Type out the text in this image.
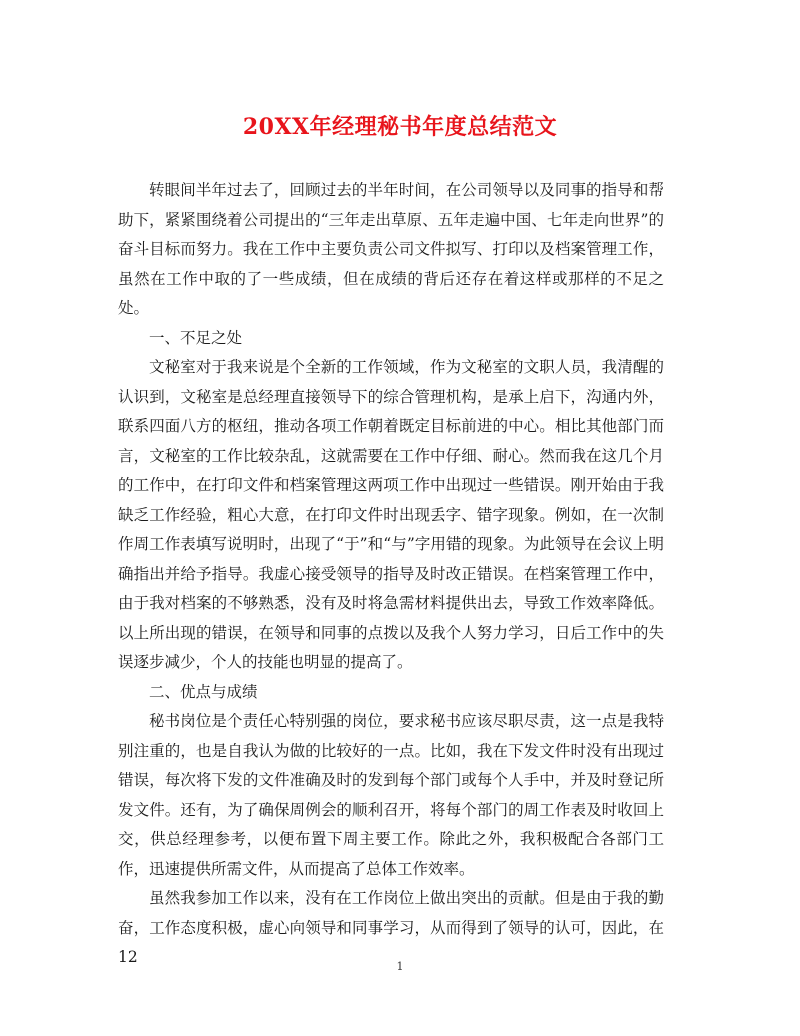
20XX年经理秘书年度总结范文

转眼间半年过去了，回顾过去的半年时间，在公司领导以及同事的指导和帮助下，紧紧围绕着公司提出的“三年走出草原、五年走遍中国、七年走向世界”的奋斗目标而努力。我在工作中主要负责公司文件拟写、打印以及档案管理工作，虽然在工作中取的了一些成绩，但在成绩的背后还存在着这样或那样的不足之处。

一、不足之处

文秘室对于我来说是个全新的工作领域，作为文秘室的文职人员，我清醒的认识到，文秘室是总经理直接领导下的综合管理机构，是承上启下，沟通内外，联系四面八方的枢纽，推动各项工作朝着既定目标前进的中心。相比其他部门而言，文秘室的工作比较杂乱，这就需要在工作中仔细、耐心。然而我在这几个月的工作中，在打印文件和档案管理这两项工作中出现过一些错误。刚开始由于我缺乏工作经验，粗心大意，在打印文件时出现丢字、错字现象。例如，在一次制作周工作表填写说明时，出现了“于”和“与”字用错的现象。为此领导在会议上明确指出并给予指导。我虚心接受领导的指导及时改正错误。在档案管理工作中，由于我对档案的不够熟悉，没有及时将急需材料提供出去，导致工作效率降低。以上所出现的错误，在领导和同事的点拨以及我个人努力学习，日后工作中的失误逐步减少，个人的技能也明显的提高了。

二、优点与成绩

秘书岗位是个责任心特别强的岗位，要求秘书应该尽职尽责，这一点是我特别注重的，也是自我认为做的比较好的一点。比如，我在下发文件时没有出现过错误，每次将下发的文件准确及时的发到每个部门或每个人手中，并及时登记所发文件。还有，为了确保周例会的顺利召开，将每个部门的周工作表及时收回上交，供总经理参考，以便布置下周主要工作。除此之外，我积极配合各部门工作，迅速提供所需文件，从而提高了总体工作效率。

虽然我参加工作以来，没有在工作岗位上做出突出的贡献。但是由于我的勤奋，工作态度积极，虚心向领导和同事学习，从而得到了领导的认可，因此，在12

1
